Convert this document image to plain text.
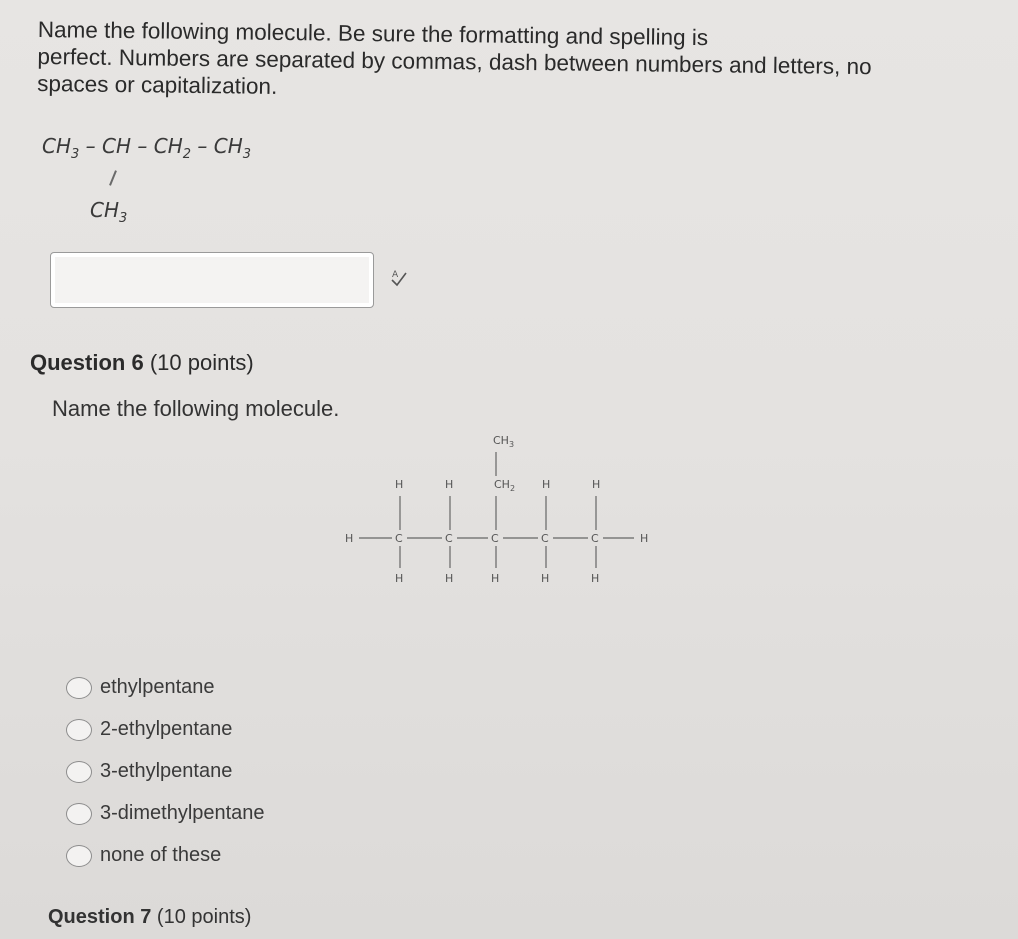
Name the following molecule. Be sure the formatting and spelling is
perfect. Numbers are separated by commas, dash between numbers and letters, no
spaces or capitalization.
$CH_3$ – CH – $CH_2 - CH_3$
$CH_3$
A
Question 6 (10 points)
Name the following molecule.
$CH_3$
H	H	$CH_2$ H	H
H	C	C	C	C	C	H
H	H	H	H	H
ethylpentane
2-ethylpentane
3-ethylpentane
3-dimethylpentane
none of these
Question 7 (10 points)
